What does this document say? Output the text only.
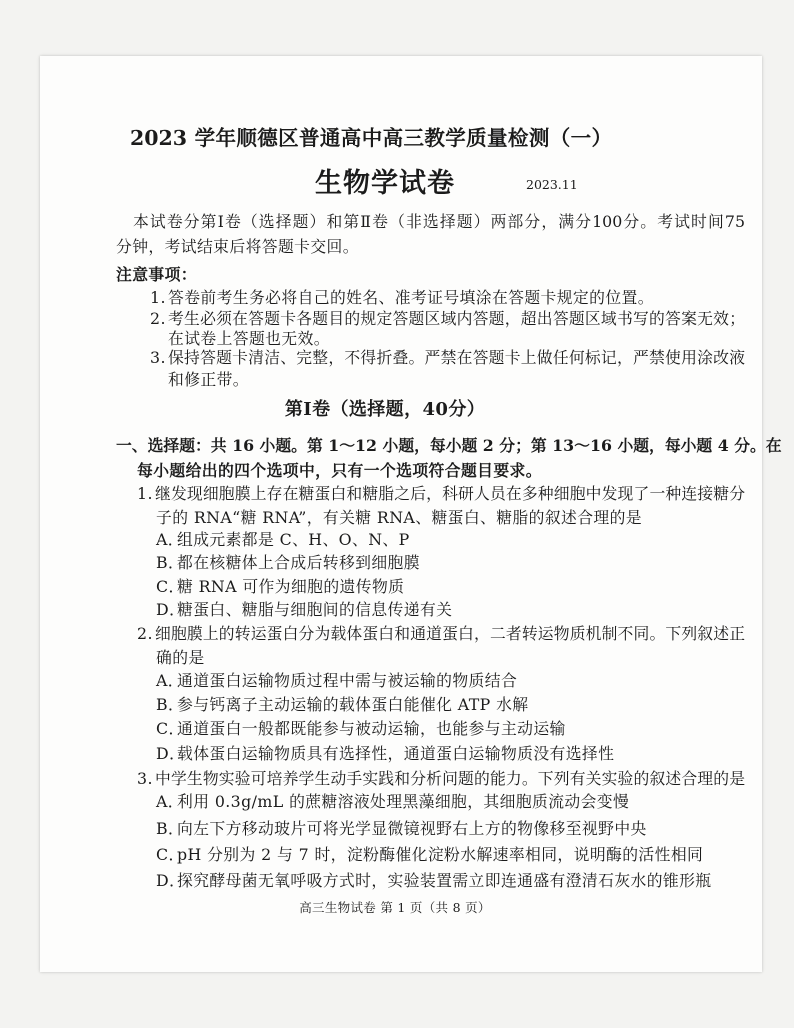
2023 学年顺德区普通高中高三教学质量检测（一）
生物学试卷	2023.11
本试卷分第Ⅰ卷（选择题）和第Ⅱ卷（非选择题）两部分，满分100分。考试时间75
分钟，考试结束后将答题卡交回。
注意事项：
1. 答卷前考生务必将自己的姓名、准考证号填涂在答题卡规定的位置。
2. 考生必须在答题卡各题目的规定答题区域内答题，超出答题区域书写的答案无效；
在试卷上答题也无效。
3. 保持答题卡清洁、完整，不得折叠。严禁在答题卡上做任何标记，严禁使用涂改液
和修正带。
第Ⅰ卷（选择题，40分）
一、选择题：共 16 小题。第 1～12 小题，每小题 2 分；第 13～16 小题，每小题 4 分。在
每小题给出的四个选项中，只有一个选项符合题目要求。
1. 继发现细胞膜上存在糖蛋白和糖脂之后，科研人员在多种细胞中发现了一种连接糖分
子的 RNA“糖 RNA”，有关糖 RNA、糖蛋白、糖脂的叙述合理的是
A．组成元素都是 C、H、O、N、P
B．都在核糖体上合成后转移到细胞膜
C．糖 RNA 可作为细胞的遗传物质
D．糖蛋白、糖脂与细胞间的信息传递有关
2. 细胞膜上的转运蛋白分为载体蛋白和通道蛋白，二者转运物质机制不同。下列叙述正
确的是
A．通道蛋白运输物质过程中需与被运输的物质结合
B．参与钙离子主动运输的载体蛋白能催化 ATP 水解
C．通道蛋白一般都既能参与被动运输，也能参与主动运输
D．载体蛋白运输物质具有选择性，通道蛋白运输物质没有选择性
3. 中学生物实验可培养学生动手实践和分析问题的能力。下列有关实验的叙述合理的是
A．利用 0.3g/mL 的蔗糖溶液处理黑藻细胞，其细胞质流动会变慢
B．向左下方移动玻片可将光学显微镜视野右上方的物像移至视野中央
C．pH 分别为 2 与 7 时，淀粉酶催化淀粉水解速率相同，说明酶的活性相同
D．探究酵母菌无氧呼吸方式时，实验装置需立即连通盛有澄清石灰水的锥形瓶
高三生物试卷 第 1 页（共 8 页）
